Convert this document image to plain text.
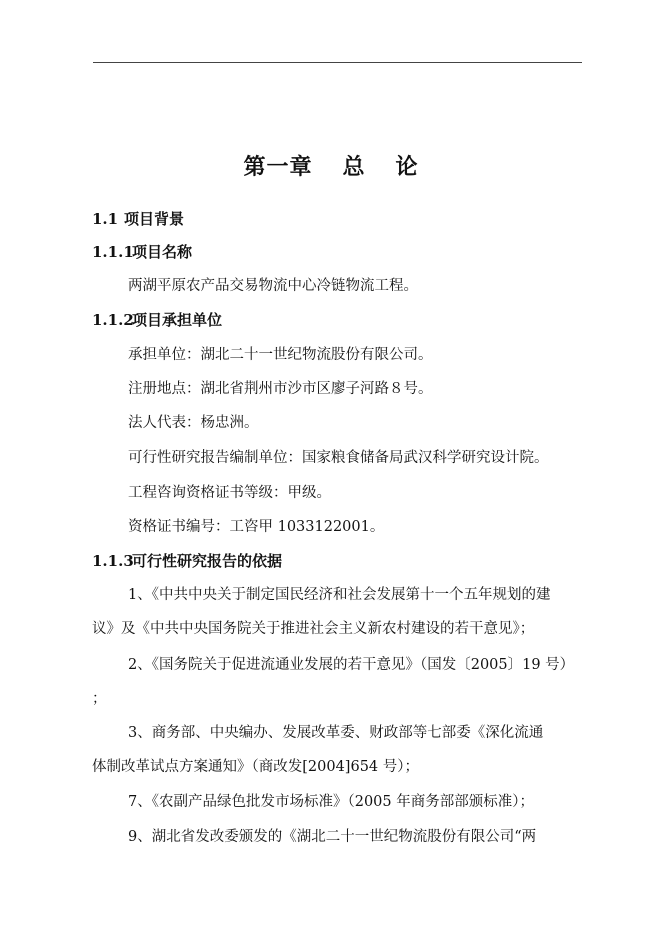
第一章 总 论
1.1 项目背景
1.1.1项目名称
两湖平原农产品交易物流中心冷链物流工程。
1.1.2项目承担单位
承担单位：湖北二十一世纪物流股份有限公司。
注册地点：湖北省荆州市沙市区廖子河路８号。
法人代表：杨忠洲。
可行性研究报告编制单位：国家粮食储备局武汉科学研究设计院。
工程咨询资格证书等级：甲级。
资格证书编号：工咨甲 1033122001。
1.1.3可行性研究报告的依据
1、《中共中央关于制定国民经济和社会发展第十一个五年规划的建
议》及《中共中央国务院关于推进社会主义新农村建设的若干意见》；
2、《国务院关于促进流通业发展的若干意见》（国发〔2005〕19 号）
；
3、商务部、中央编办、发展改革委、财政部等七部委《深化流通
体制改革试点方案通知》（商改发[2004]654 号）；
7、《农副产品绿色批发市场标准》（2005 年商务部部颁标准）；
9、湖北省发改委颁发的《湖北二十一世纪物流股份有限公司“两
